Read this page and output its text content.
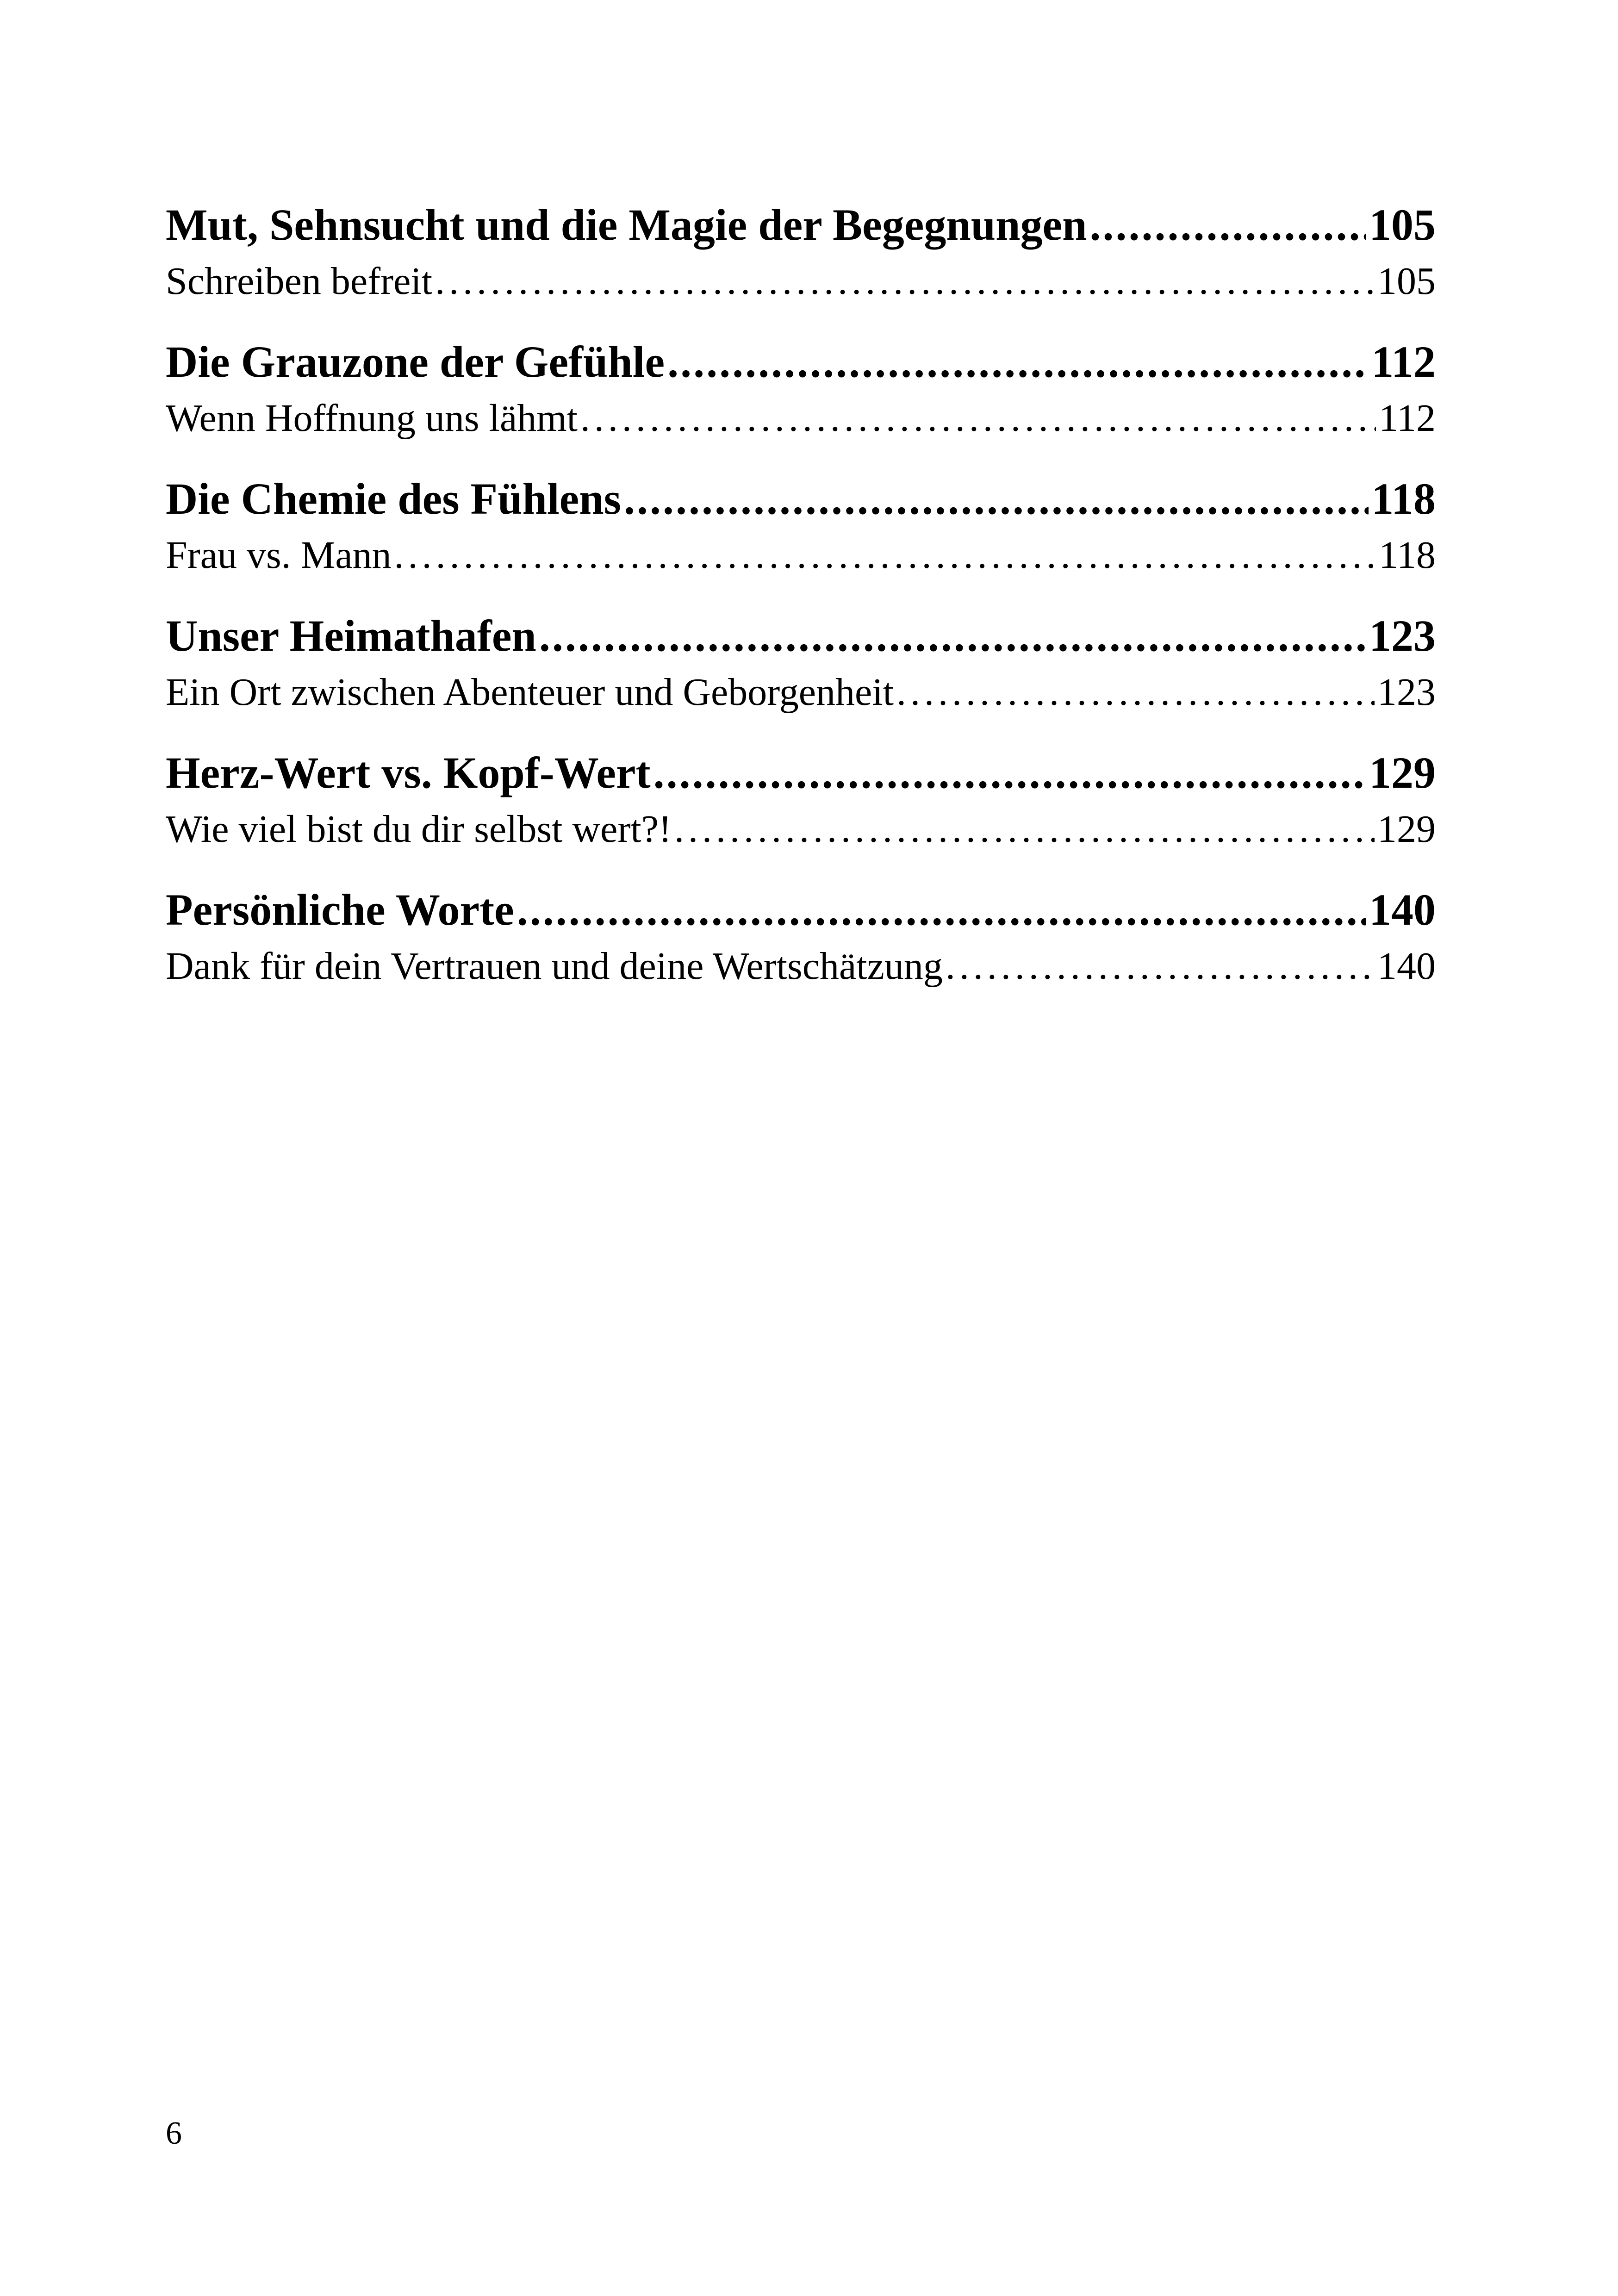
Mut, Sehnsucht und die Magie der Begegnungen . . .	105
Schreiben befreit . . .	105
Die Grauzone der Gefühle . . .	112
Wenn Hoffnung uns lähmt . . .	112
Die Chemie des Fühlens . . .	118
Frau vs. Mann . . .	118
Unser Heimathafen . . .	123
Ein Ort zwischen Abenteuer und Geborgenheit . . .	123
Herz-Wert vs. Kopf-Wert . . .	129
Wie viel bist du dir selbst wert?! . . .	129
Persönliche Worte . . .	140
Dank für dein Vertrauen und deine Wertschätzung . . .	140
6
